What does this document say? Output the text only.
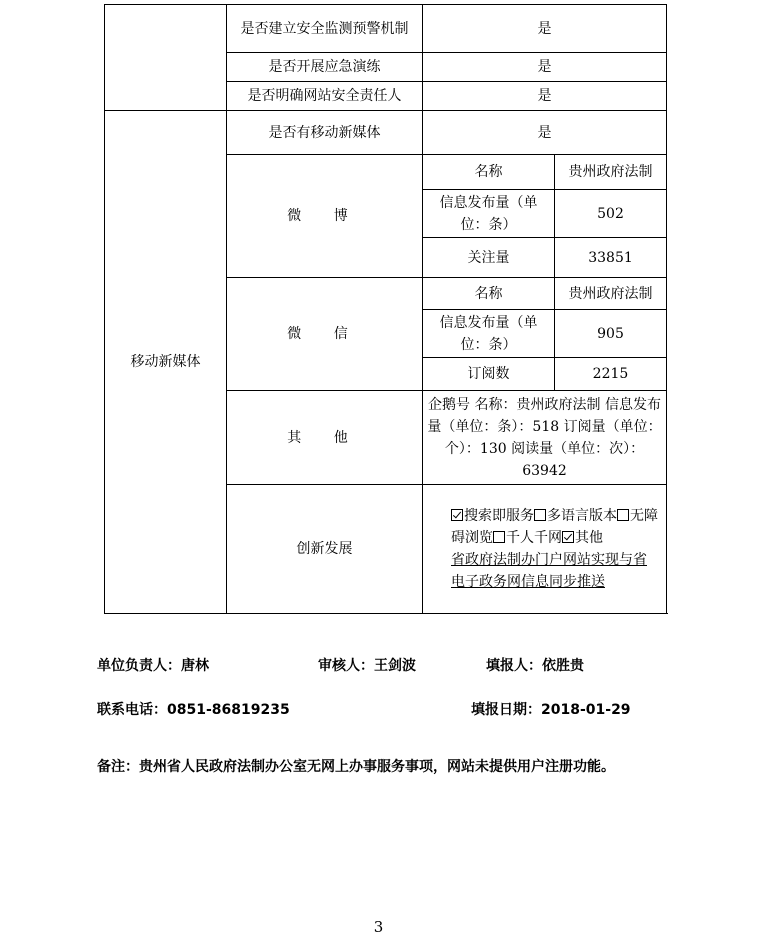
	是否建立安全监测预警机制	是	
	是否开展应急演练	是	
	是否明确网站安全责任人	是	
移动新媒体	是否有移动新媒体	是	
	微 博	名称	贵州政府法制
		信息发布量（单位：条）	502
		关注量	33851
	微 信	名称	贵州政府法制
		信息发布量（单位：条）	905
		订阅数	2215
	其 他	企鹅号 名称：贵州政府法制 信息发布量（单位：条）：518 订阅量（单位：个）：130 阅读量（单位：次）：63942	
	创新发展	搜索即服务 多语言版本 无障碍浏览 千人千网 其他
省政府法制办门户网站实现与省电子政务网信息同步推送	
单位负责人：唐林	审核人：王剑波	填报人：依胜贵
联系电话：0851-86819235	填报日期：2018-01-29
备注：贵州省人民政府法制办公室无网上办事服务事项，网站未提供用户注册功能。
3
